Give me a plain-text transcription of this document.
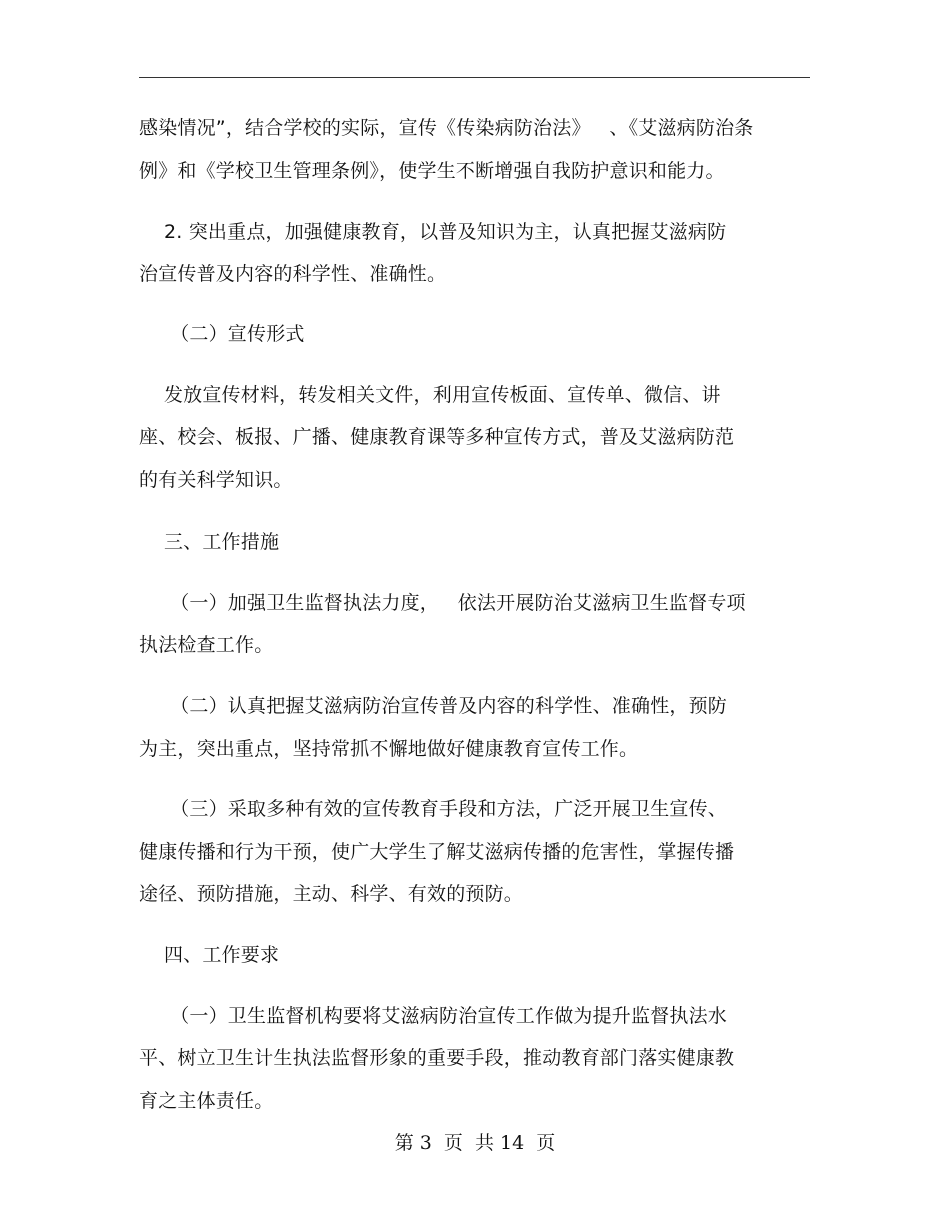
感染情况”，结合学校的实际，宣传《传染病防治法》   、《艾滋病防治条
例》和《学校卫生管理条例》，使学生不断增强自我防护意识和能力。
2. 突出重点，加强健康教育，以普及知识为主，认真把握艾滋病防
治宣传普及内容的科学性、准确性。
（二）宣传形式
发放宣传材料，转发相关文件，利用宣传板面、宣传单、微信、讲
座、校会、板报、广播、健康教育课等多种宣传方式，普及艾滋病防范
的有关科学知识。
三、工作措施
（一）加强卫生监督执法力度，   依法开展防治艾滋病卫生监督专项
执法检查工作。
（二）认真把握艾滋病防治宣传普及内容的科学性、准确性，预防
为主，突出重点，坚持常抓不懈地做好健康教育宣传工作。
（三）采取多种有效的宣传教育手段和方法，广泛开展卫生宣传、
健康传播和行为干预，使广大学生了解艾滋病传播的危害性，掌握传播
途径、预防措施，主动、科学、有效的预防。
四、工作要求
（一）卫生监督机构要将艾滋病防治宣传工作做为提升监督执法水
平、树立卫生计生执法监督形象的重要手段，推动教育部门落实健康教
育之主体责任。
第 3  页  共 14  页
